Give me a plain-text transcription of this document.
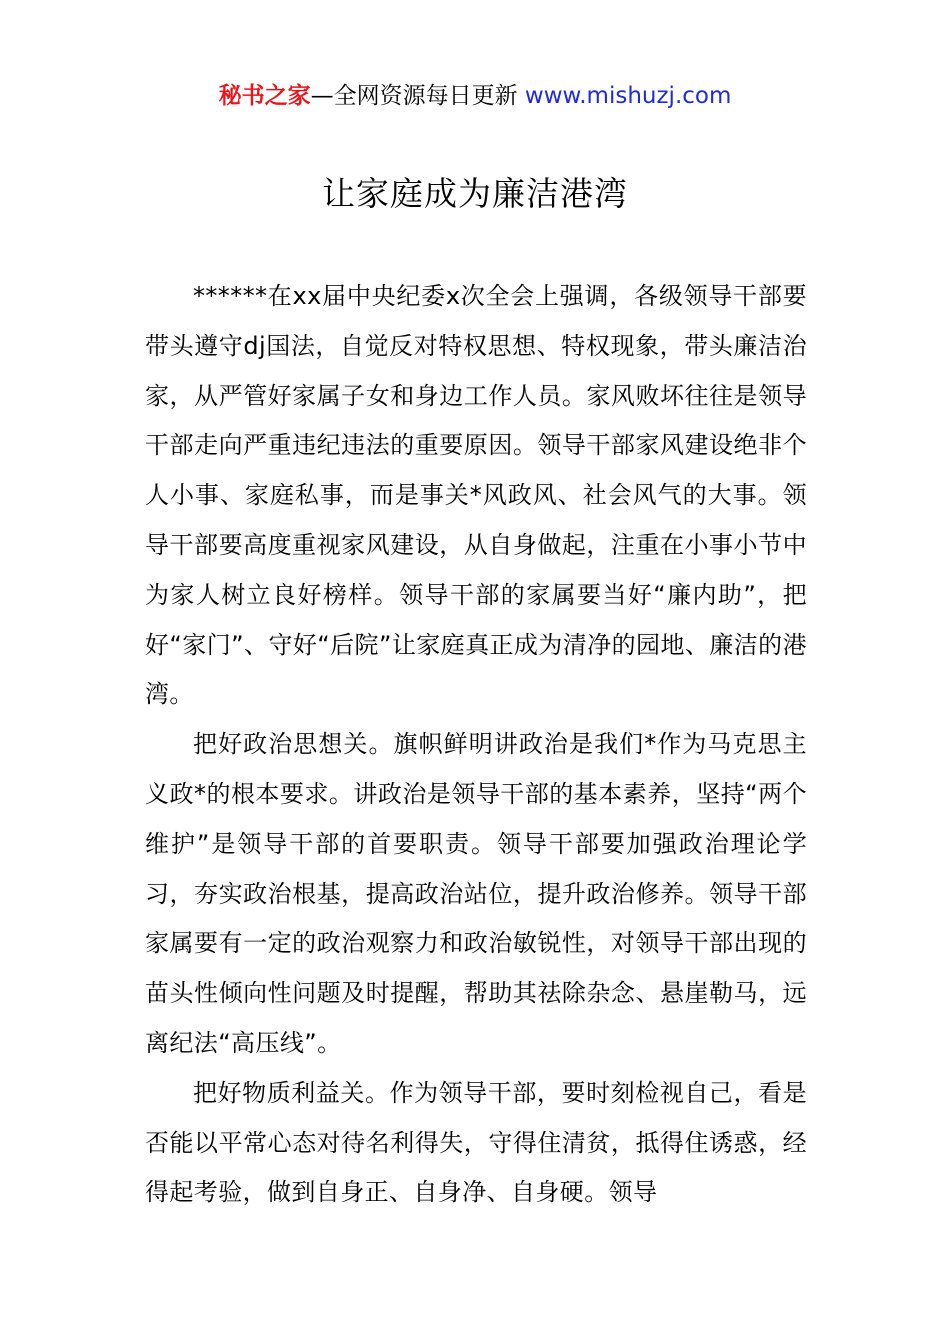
秘书之家—全网资源每日更新 www.mishuzj.com
让家庭成为廉洁港湾

******在xx届中央纪委x次全会上强调，各级领导干部要带头遵守dj国法，自觉反对特权思想、特权现象，带头廉洁治家，从严管好家属子女和身边工作人员。家风败坏往往是领导干部走向严重违纪违法的重要原因。领导干部家风建设绝非个人小事、家庭私事，而是事关*风政风、社会风气的大事。领导干部要高度重视家风建设，从自身做起，注重在小事小节中为家人树立良好榜样。领导干部的家属要当好“廉内助”，把好“家门”、守好“后院”让家庭真正成为清净的园地、廉洁的港湾。

把好政治思想关。旗帜鲜明讲政治是我们*作为马克思主义政*的根本要求。讲政治是领导干部的基本素养，坚持“两个维护”是领导干部的首要职责。领导干部要加强政治理论学习，夯实政治根基，提高政治站位，提升政治修养。领导干部家属要有一定的政治观察力和政治敏锐性，对领导干部出现的苗头性倾向性问题及时提醒，帮助其祛除杂念、悬崖勒马，远离纪法“高压线”。

把好物质利益关。作为领导干部，要时刻检视自己，看是否能以平常心态对待名利得失，守得住清贫，抵得住诱惑，经得起考验，做到自身正、自身净、自身硬。领导
